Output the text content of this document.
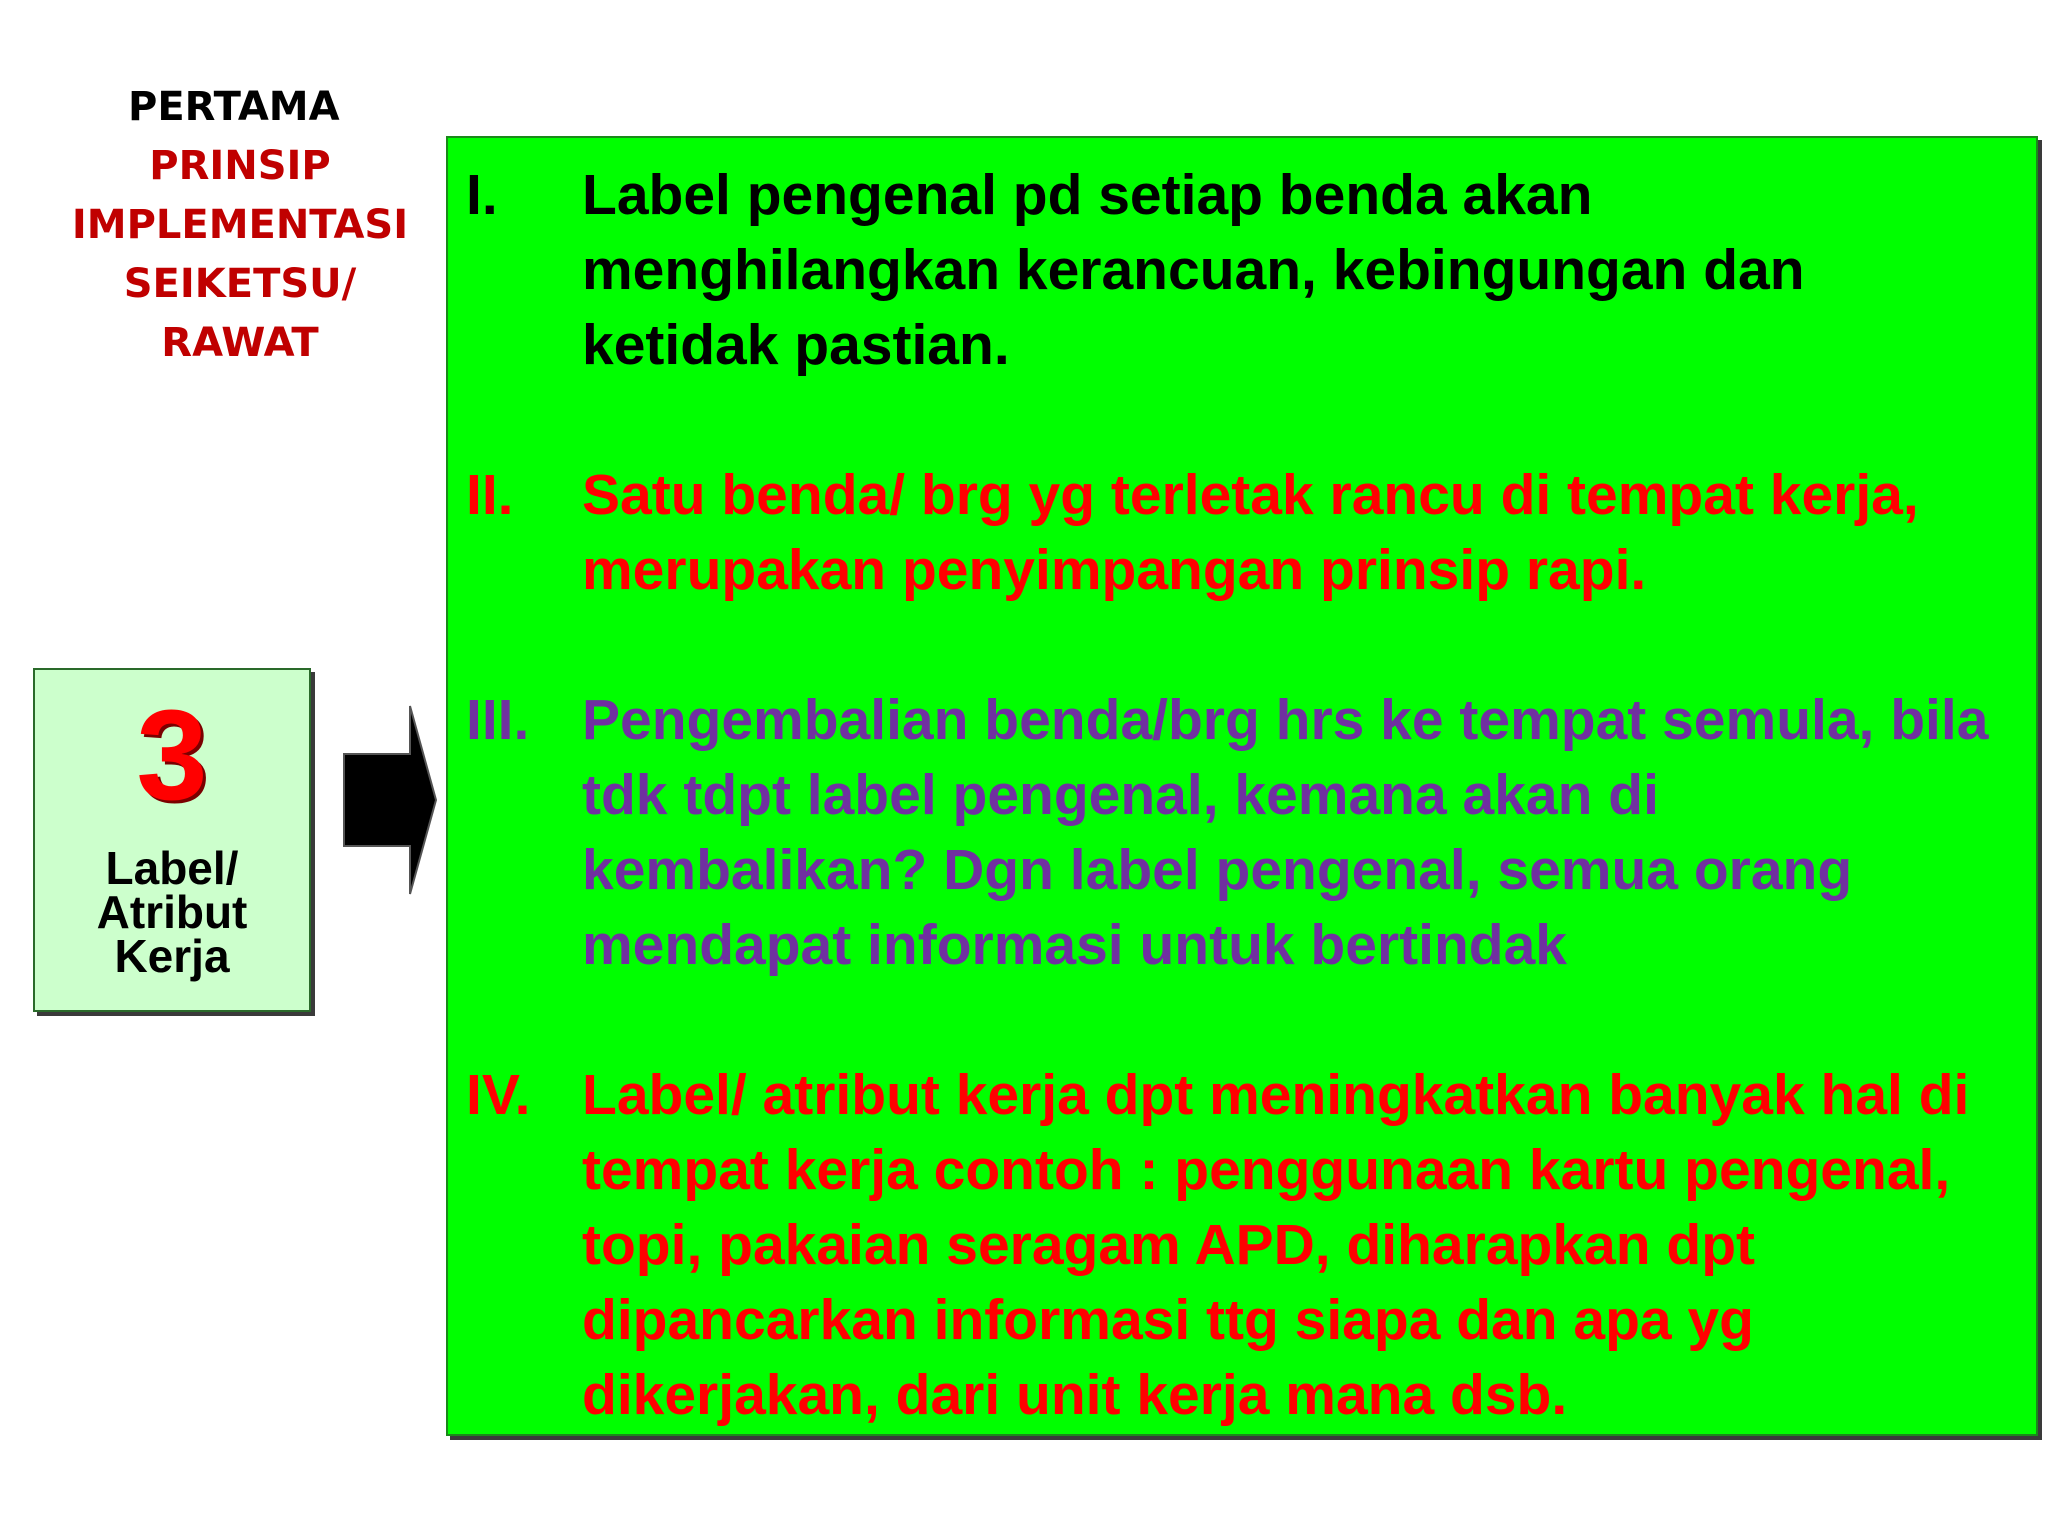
PERTAMA
PRINSIP
IMPLEMENTASI
SEIKETSU/
RAWAT
3
Label/
Atribut
Kerja
I.	Label pengenal pd setiap benda akan menghilangkan kerancuan, kebingungan dan ketidak pastian.
II.	Satu benda/ brg yg terletak rancu di tempat kerja, merupakan penyimpangan prinsip rapi.
III. Pengembalian benda/brg hrs ke tempat semula, bila tdk tdpt label pengenal, kemana akan di kembalikan? Dgn label pengenal, semua orang mendapat informasi untuk bertindak
IV. Label/ atribut kerja dpt meningkatkan banyak hal di tempat kerja contoh : penggunaan kartu pengenal, topi, pakaian seragam APD, diharapkan dpt dipancarkan informasi ttg siapa dan apa yg dikerjakan, dari unit kerja mana dsb.
